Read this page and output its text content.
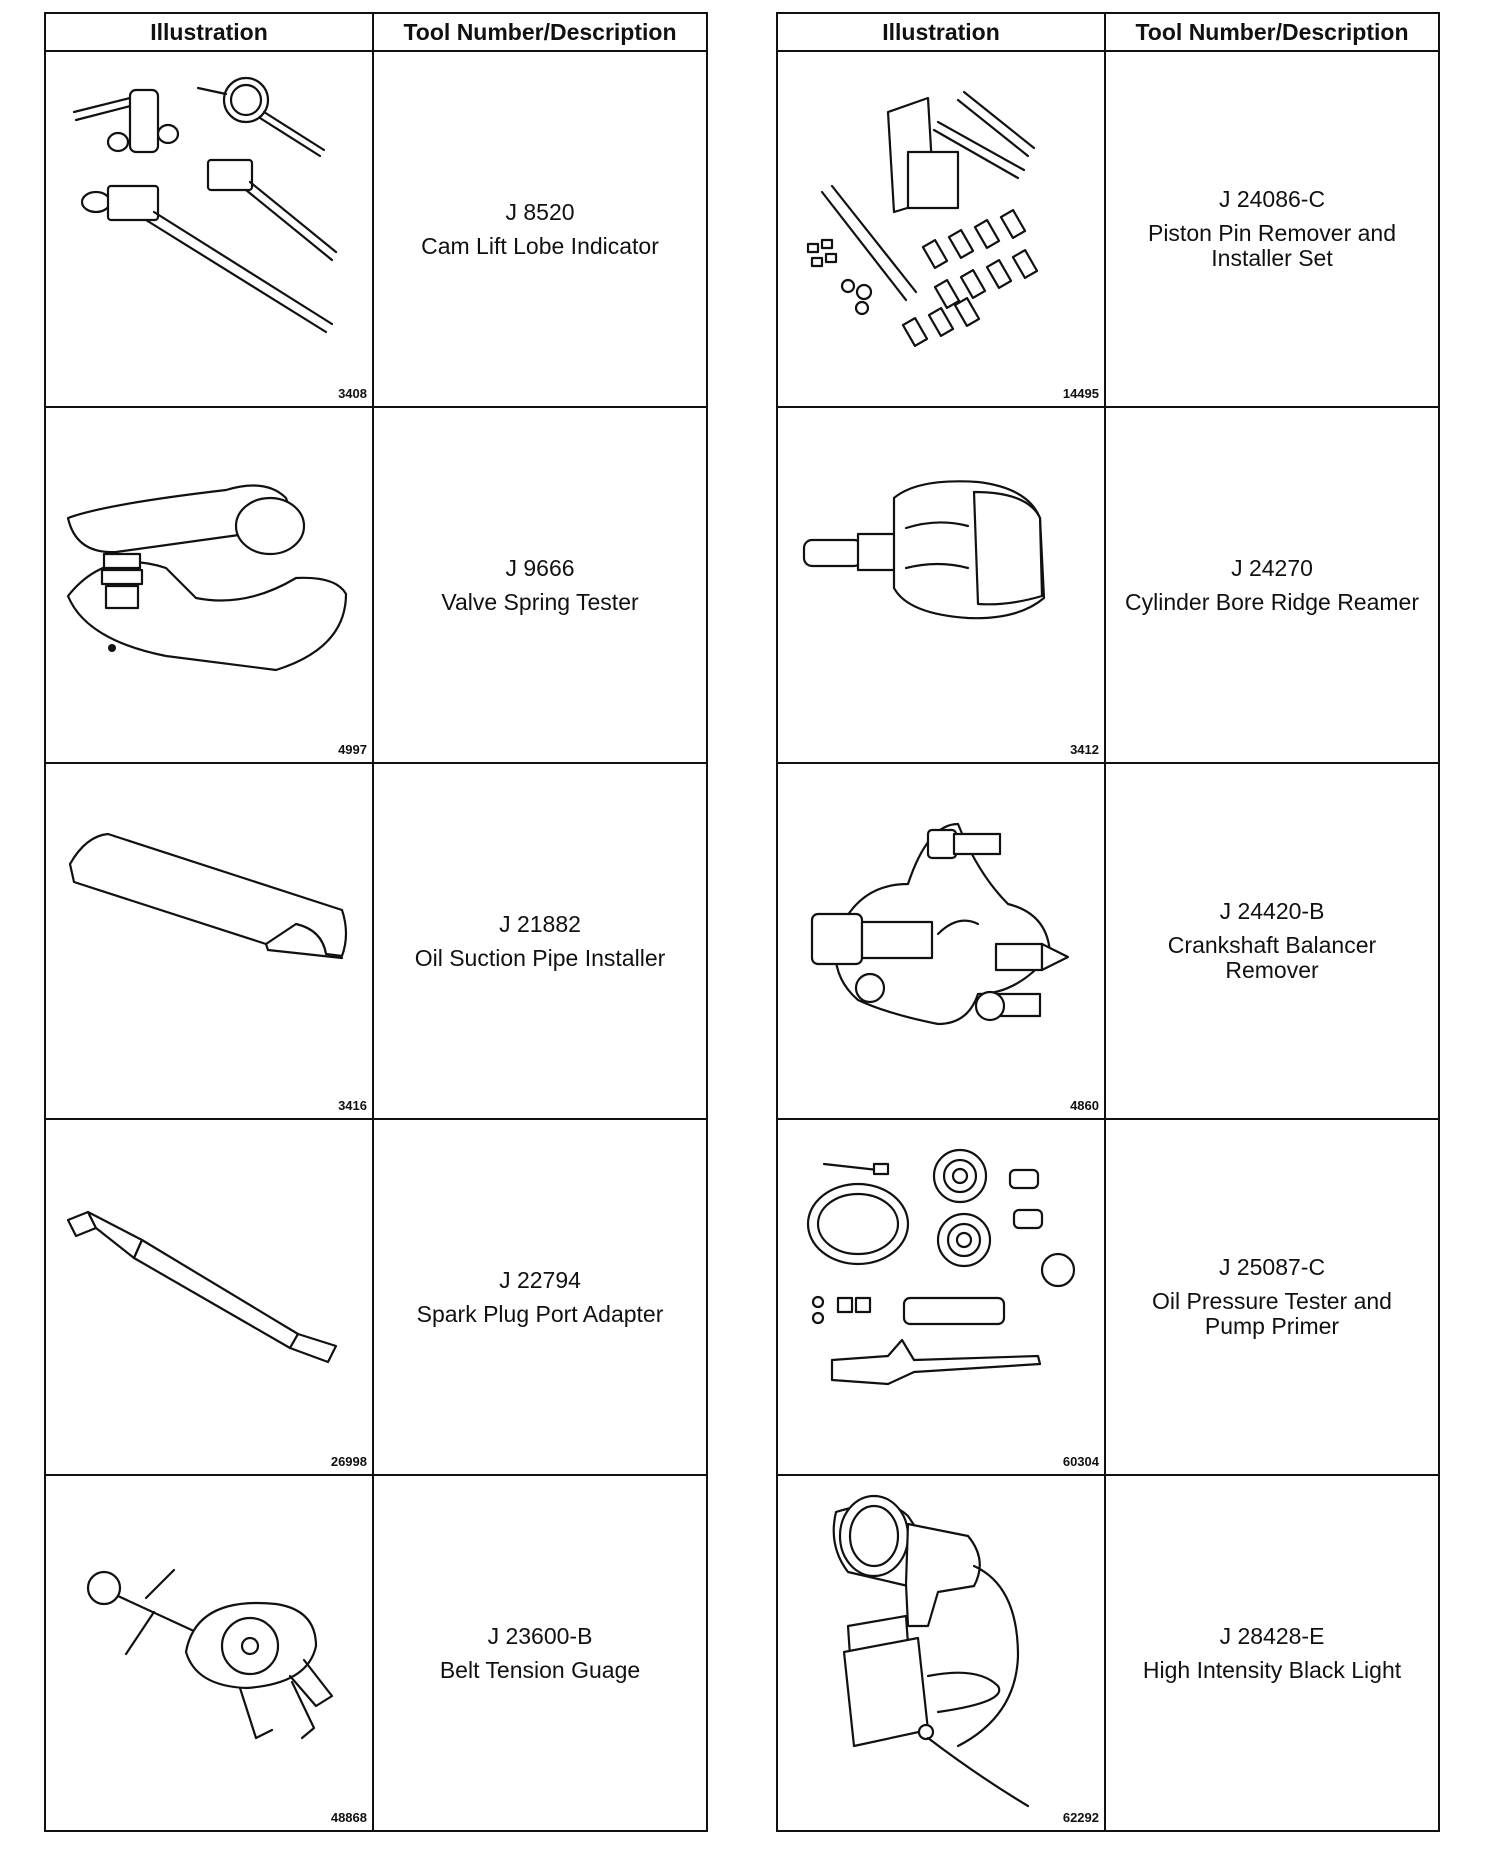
Illustration	Tool Number/Description

3408	J 8520
Cam Lift Lobe Indicator

4997	J 9666
Valve Spring Tester

3416	J 21882
Oil Suction Pipe Installer

26998	J 22794
Spark Plug Port Adapter

48868	J 23600-B
Belt Tension Guage
Illustration	Tool Number/Description

14495	J 24086-C
Piston Pin Remover and
Installer Set

3412	J 24270
Cylinder Bore Ridge Reamer

4860	J 24420-B
Crankshaft Balancer
Remover

60304	J 25087-C
Oil Pressure Tester and
Pump Primer

62292	J 28428-E
High Intensity Black Light
